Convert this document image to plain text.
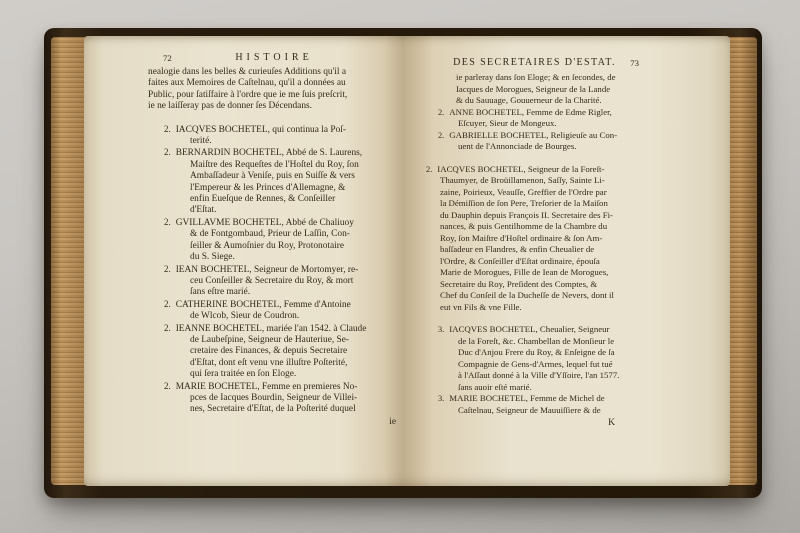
72	HISTOIRE
nealogie dans les belles & curieuſes Additions qu'il a
faites aux Memoires de Caſtelnau, qu'il a données au
Public, pour ſatiſfaire à l'ordre que ie me ſuis preſcrit,
ie ne laiſſeray pas de donner ſes Décendans.
2. IACQVES BOCHETEL, qui continua la Poſ-
terité.
2. BERNARDIN BOCHETEL, Abbé de S. Laurens,
Maiſtre des Requeſtes de l'Hoſtel du Roy, ſon
Ambaſſadeur à Veniſe, puis en Suiſſe & vers
l'Empereur & les Princes d'Allemagne, &
enfin Eueſque de Rennes, & Conſeiller
d'Eſtat.
2. GVILLAVME BOCHETEL, Abbé de Chaliuoy
& de Fontgombaud, Prieur de Laſſin, Con-
ſeiller & Aumoſnier du Roy, Protonotaire
du S. Siege.
2. IEAN BOCHETEL, Seigneur de Mortomyer, re-
ceu Conſeiller & Secretaire du Roy, & mort
ſans eſtre marié.
2. CATHERINE BOCHETEL, Femme d'Antoine
de Wlcob, Sieur de Coudron.
2. IEANNE BOCHETEL, mariée l'an 1542. à Claude
de Laubeſpine, Seigneur de Hauteriue, Se-
cretaire des Finances, & depuis Secretaire
d'Eſtat, dont eſt venu vne illuſtre Poſterité,
qui ſera traitée en ſon Eloge.
2. MARIE BOCHETEL, Femme en premieres No-
pces de Iacques Bourdin, Seigneur de Villei-
nes, Secretaire d'Eſtat, de la Poſterité duquel
ie
DES SECRETAIRES D'ESTAT.	73
ie parleray dans ſon Eloge; & en ſecondes, de
Iacques de Morogues, Seigneur de la Lande
& du Sauuage, Gouuerneur de la Charité.
2. ANNE BOCHETEL, Femme de Edme Rigler,
Eſcuyer, Sieur de Mongeux.
2. GABRIELLE BOCHETEL, Religieuſe au Con-
uent de l'Annonciade de Bourges.
2. IACQVES BOCHETEL, Seigneur de la Foreſt-
Thaumyer, de Broüillamenon, Saſſy, Sainte Li-
zaine, Poirieux, Veauſſe, Greffier de l'Ordre par
la Démiſſion de ſon Pere, Treſorier de la Maiſon
du Dauphin depuis François II. Secretaire des Fi-
nances, & puis Gentilhomme de la Chambre du
Roy, ſon Maiſtre d'Hoſtel ordinaire & ſon Am-
baſſadeur en Flandres, & enfin Cheualier de
l'Ordre, & Conſeiller d'Eſtat ordinaire, épouſa
Marie de Morogues, Fille de Iean de Morogues,
Secretaire du Roy, Preſident des Comptes, &
Chef du Conſeil de la Ducheſſe de Nevers, dont il
eut vn Fils & vne Fille.
3. IACQVES BOCHETEL, Cheualier, Seigneur
de la Foreſt, &c. Chambellan de Monſieur le
Duc d'Anjou Frere du Roy, & Enſeigne de ſa
Compagnie de Gens-d'Armes, lequel fut tué
à l'Aſſaut donné à la Ville d'Yſſoire, l'an 1577.
ſans auoir eſté marié.
3. MARIE BOCHETEL, Femme de Michel de
Caſtelnau, Seigneur de Mauuiſſiere & de
K
